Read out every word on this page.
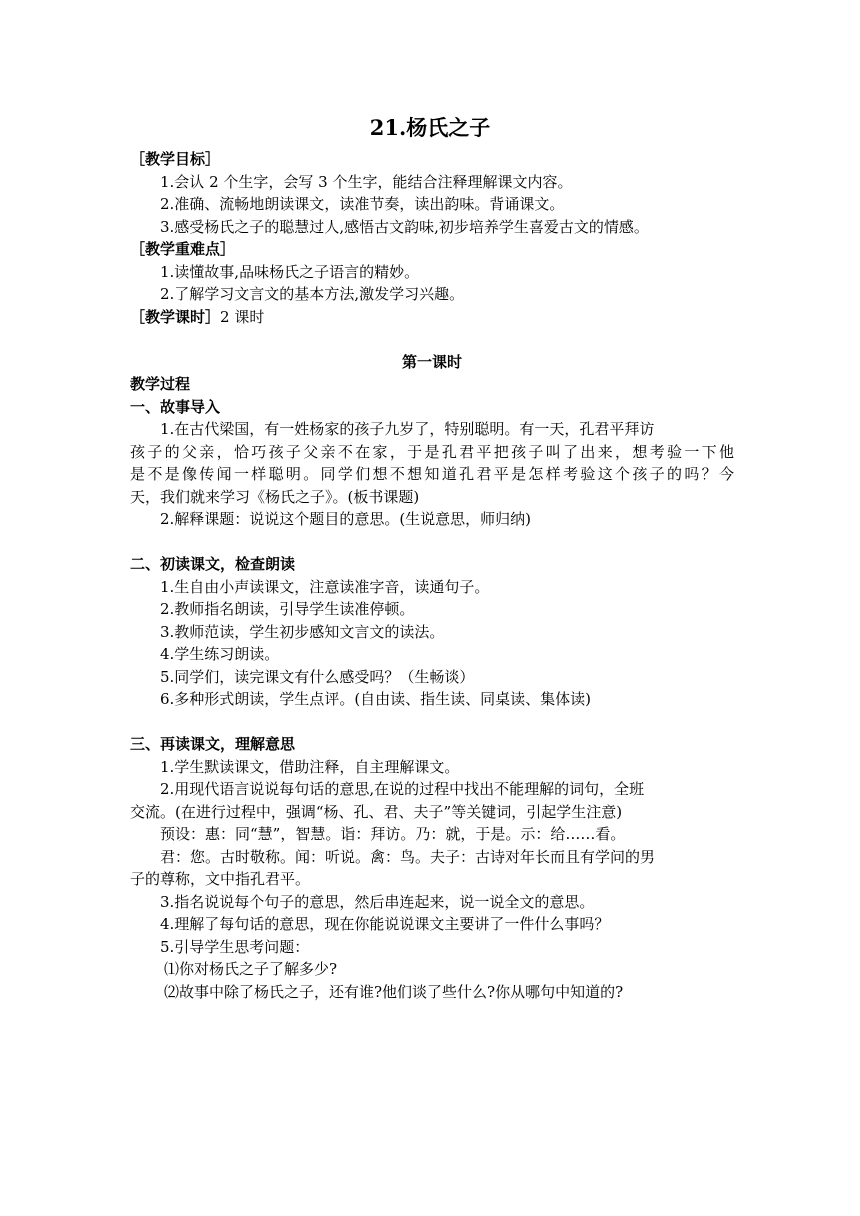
21.杨氏之子
［教学目标］
1.会认 2 个生字，会写 3 个生字，能结合注释理解课文内容。
2.准确、流畅地朗读课文，读准节奏，读出韵味。背诵课文。
3.感受杨氏之子的聪慧过人,感悟古文韵味,初步培养学生喜爱古文的情感。
［教学重难点］
1.读懂故事,品味杨氏之子语言的精妙。
2.了解学习文言文的基本方法,激发学习兴趣。
［教学课时］2 课时
第一课时
教学过程
一、故事导入
1.在古代梁国，有一姓杨家的孩子九岁了，特别聪明。有一天，孔君平拜访
孩子的父亲，恰巧孩子父亲不在家，于是孔君平把孩子叫了出来，想考验一下他
是不是像传闻一样聪明。同学们想不想知道孔君平是怎样考验这个孩子的吗？今
天，我们就来学习《杨氏之子》。(板书课题)
2.解释课题：说说这个题目的意思。(生说意思，师归纳)
二、初读课文，检查朗读
1.生自由小声读课文，注意读准字音，读通句子。
2.教师指名朗读，引导学生读准停顿。
3.教师范读，学生初步感知文言文的读法。
4.学生练习朗读。
5.同学们，读完课文有什么感受吗？（生畅谈）
6.多种形式朗读，学生点评。(自由读、指生读、同桌读、集体读)
三、再读课文，理解意思
1.学生默读课文，借助注释，自主理解课文。
2.用现代语言说说每句话的意思,在说的过程中找出不能理解的词句，全班
交流。(在进行过程中，强调“杨、孔、君、夫子”等关键词，引起学生注意)
预设：惠：同“慧”，智慧。诣：拜访。乃：就，于是。示：给……看。
君：您。古时敬称。闻：听说。禽：鸟。夫子：古诗对年长而且有学问的男
子的尊称，文中指孔君平。
3.指名说说每个句子的意思，然后串连起来，说一说全文的意思。
4.理解了每句话的意思，现在你能说说课文主要讲了一件什么事吗？
5.引导学生思考问题：
⑴你对杨氏之子了解多少?
⑵故事中除了杨氏之子，还有谁?他们谈了些什么?你从哪句中知道的?
